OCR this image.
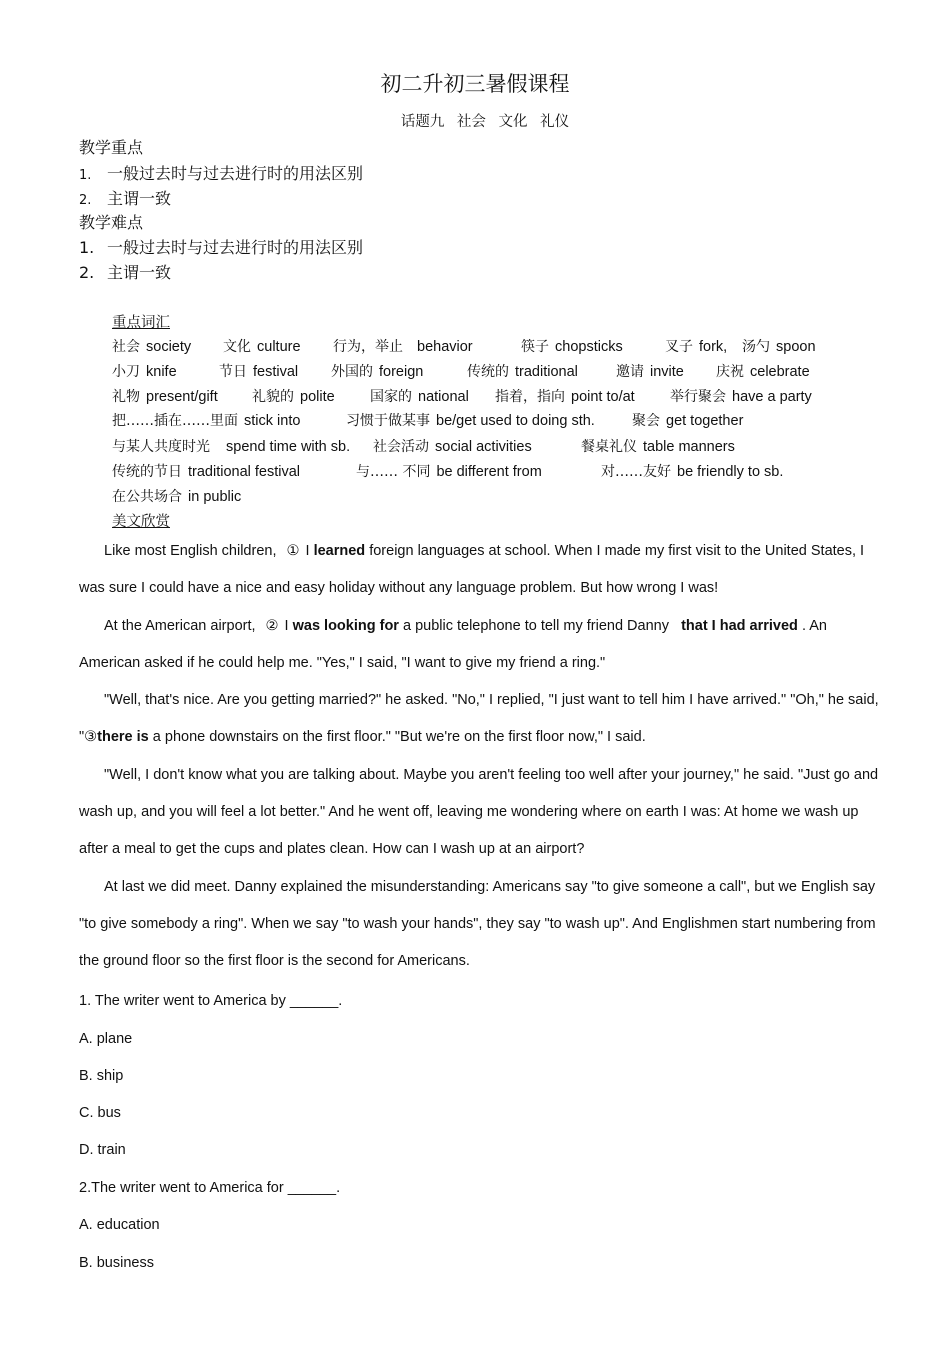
初二升初三暑假课程
话题九 社会 文化 礼仪
教学重点
1. 一般过去时与过去进行时的用法区别
2. 主谓一致
教学难点
1. 一般过去时与过去进行时的用法区别
2. 主谓一致
重点词汇
社会 society 文化 culture 行为，举止 behavior	筷子 chopsticks	叉子 fork, 汤勺 spoon
小刀 knife	节日 festival 外国的 foreign	传统的 traditional	邀请 invite 庆祝 celebrate
礼物 present/gift 礼貌的 polite	国家的 national 指着，指向 point to/at	举行聚会 have a party
把……插在……里面 stick into	习惯于做某事 be/get used to doing sth.	聚会 get together
与某人共度时光 spend time with sb. 社会活动 social activities	餐桌礼仪 table manners
传统的节日 traditional festival	与…… 不同 be different from	对……友好 be friendly to sb.
在公共场合 in public
美文欣赏

Like most English children, ① I learned foreign languages at school. When I made my first visit to the United States, I was sure I could have a nice and easy holiday without any language problem. But how wrong I was!

At the American airport, ② I was looking for a public telephone to tell my friend Danny that I had arrived . An American asked if he could help me. "Yes," I said, "I want to give my friend a ring."

"Well, that's nice. Are you getting married?" he asked. "No," I replied, "I just want to tell him I have arrived." "Oh," he said, "③there is a phone downstairs on the first floor." "But we're on the first floor now," I said.

"Well, I don't know what you are talking about. Maybe you aren't feeling too well after your journey," he said. "Just go and wash up, and you will feel a lot better." And he went off, leaving me wondering where on earth I was: At home we wash up after a meal to get the cups and plates clean. How can I wash up at an airport?

At last we did meet. Danny explained the misunderstanding: Americans say "to give someone a call", but we English say "to give somebody a ring". When we say "to wash your hands", they say "to wash up". And Englishmen start numbering from the ground floor so the first floor is the second for Americans.

1. The writer went to America by ______.
A. plane
B. ship
C. bus
D. train
2.The writer went to America for ______.
A. education
B. business
